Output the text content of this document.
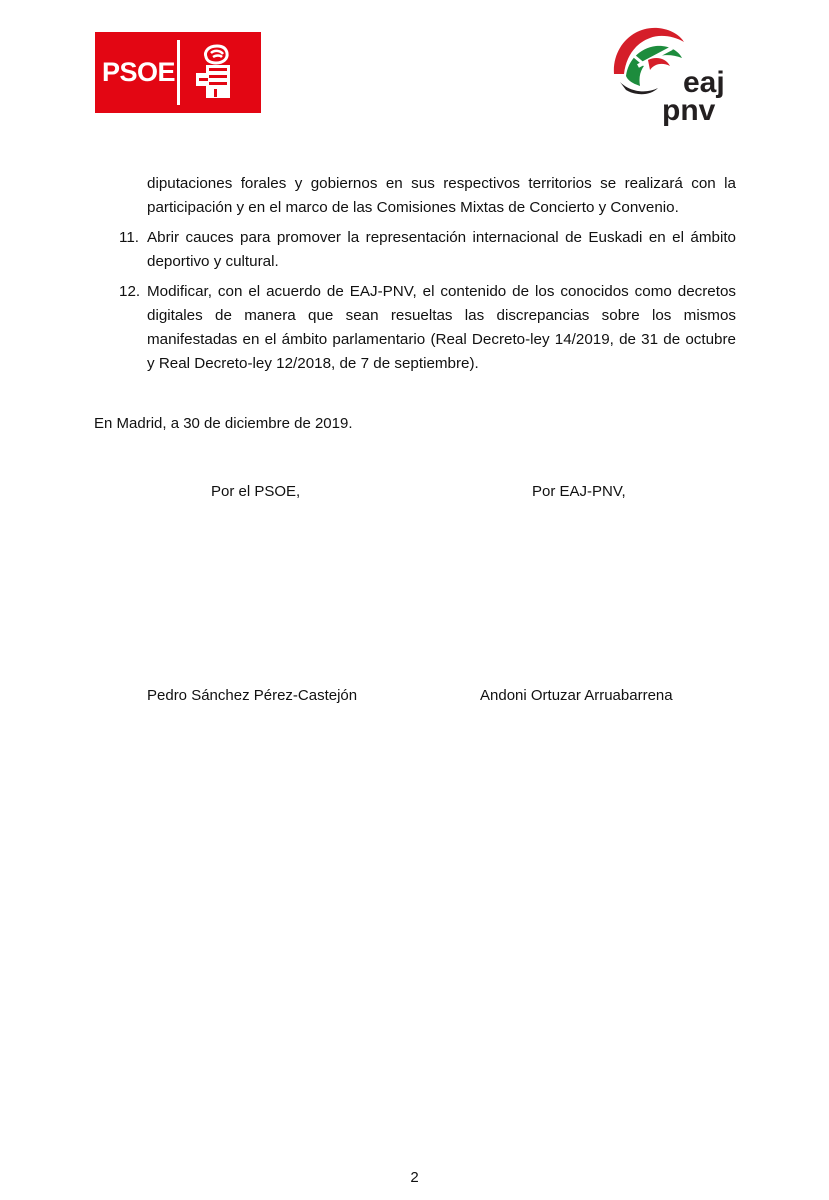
PSOE	eaj
pnv
diputaciones forales y gobiernos en sus respectivos territorios se realizará con la participación y en el marco de las Comisiones Mixtas de Concierto y Convenio.
11. Abrir cauces para promover la representación internacional de Euskadi en el ámbito deportivo y cultural.
12. Modificar, con el acuerdo de EAJ-PNV, el contenido de los conocidos como decretos digitales de manera que sean resueltas las discrepancias sobre los mismos manifestadas en el ámbito parlamentario (Real Decreto-ley 14/2019, de 31 de octubre y Real Decreto-ley 12/2018, de 7 de septiembre).
En Madrid, a 30 de diciembre de 2019.
Por el PSOE,	Por EAJ-PNV,
Pedro Sánchez Pérez-Castejón	Andoni Ortuzar Arruabarrena
2
